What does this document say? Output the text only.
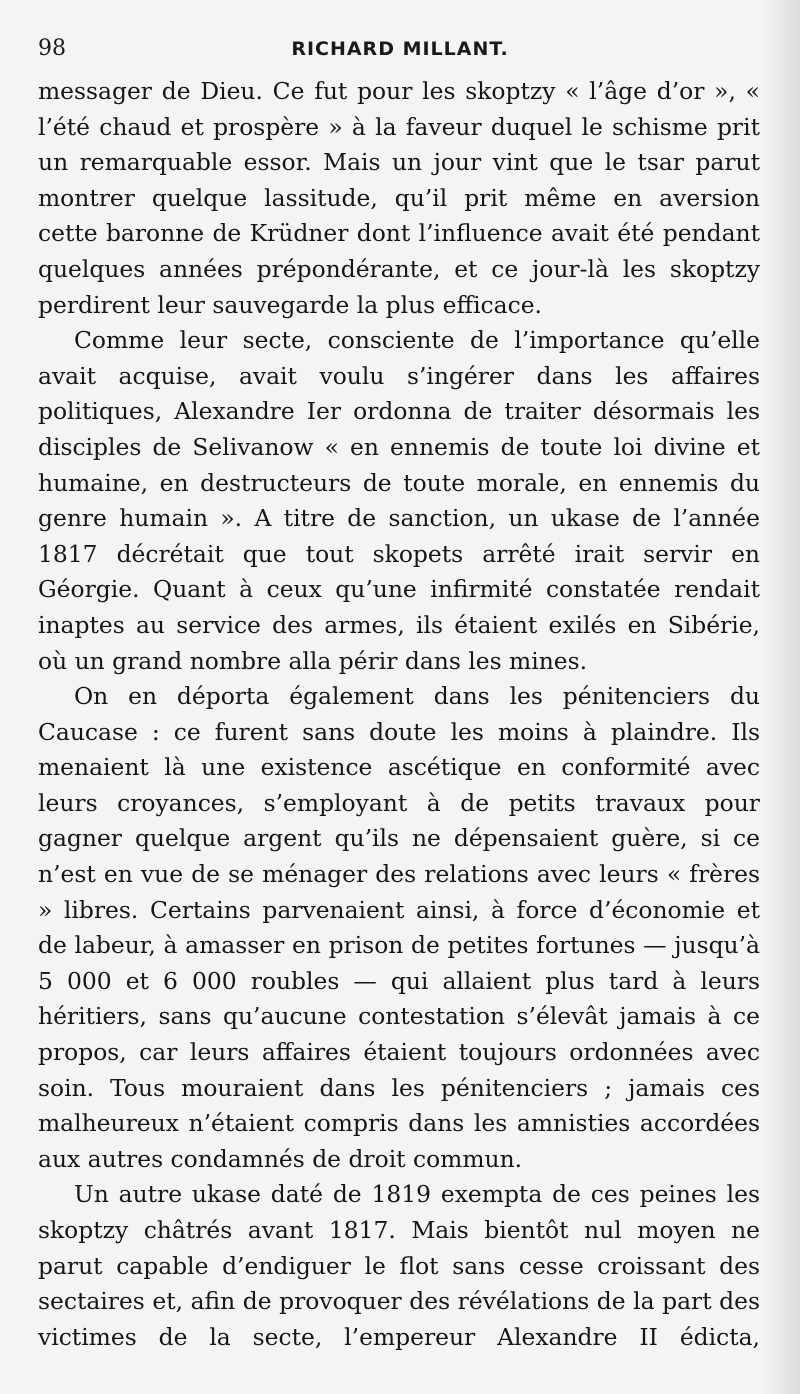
98	RICHARD MILLANT.

messager de Dieu. Ce fut pour les skoptzy « l’âge d’or », « l’été chaud et prospère » à la faveur duquel le schisme prit un remarquable essor. Mais un jour vint que le tsar parut montrer quelque lassitude, qu’il prit même en aversion cette baronne de Krüdner dont l’influence avait été pendant quelques années prépondérante, et ce jour-là les skoptzy perdirent leur sauvegarde la plus efficace.

Comme leur secte, consciente de l’importance qu’elle avait acquise, avait voulu s’ingérer dans les affaires politiques, Alexandre Ier ordonna de traiter désormais les disciples de Selivanow « en ennemis de toute loi divine et humaine, en destructeurs de toute morale, en ennemis du genre humain ». A titre de sanction, un ukase de l’année 1817 décrétait que tout skopets arrêté irait servir en Géorgie. Quant à ceux qu’une infirmité constatée rendait inaptes au service des armes, ils étaient exilés en Sibérie, où un grand nombre alla périr dans les mines.

On en déporta également dans les pénitenciers du Caucase : ce furent sans doute les moins à plaindre. Ils menaient là une existence ascétique en conformité avec leurs croyances, s’employant à de petits travaux pour gagner quelque argent qu’ils ne dépensaient guère, si ce n’est en vue de se ménager des relations avec leurs « frères » libres. Certains parvenaient ainsi, à force d’économie et de labeur, à amasser en prison de petites fortunes — jusqu’à 5 000 et 6 000 roubles — qui allaient plus tard à leurs héritiers, sans qu’aucune contestation s’élevât jamais à ce propos, car leurs affaires étaient toujours ordonnées avec soin. Tous mouraient dans les pénitenciers ; jamais ces malheureux n’étaient compris dans les amnisties accordées aux autres condamnés de droit commun.

Un autre ukase daté de 1819 exempta de ces peines les skoptzy châtrés avant 1817. Mais bientôt nul moyen ne parut capable d’endiguer le flot sans cesse croissant des sectaires et, afin de provoquer des révélations de la part des victimes de la secte, l’empereur Alexandre II édicta,
